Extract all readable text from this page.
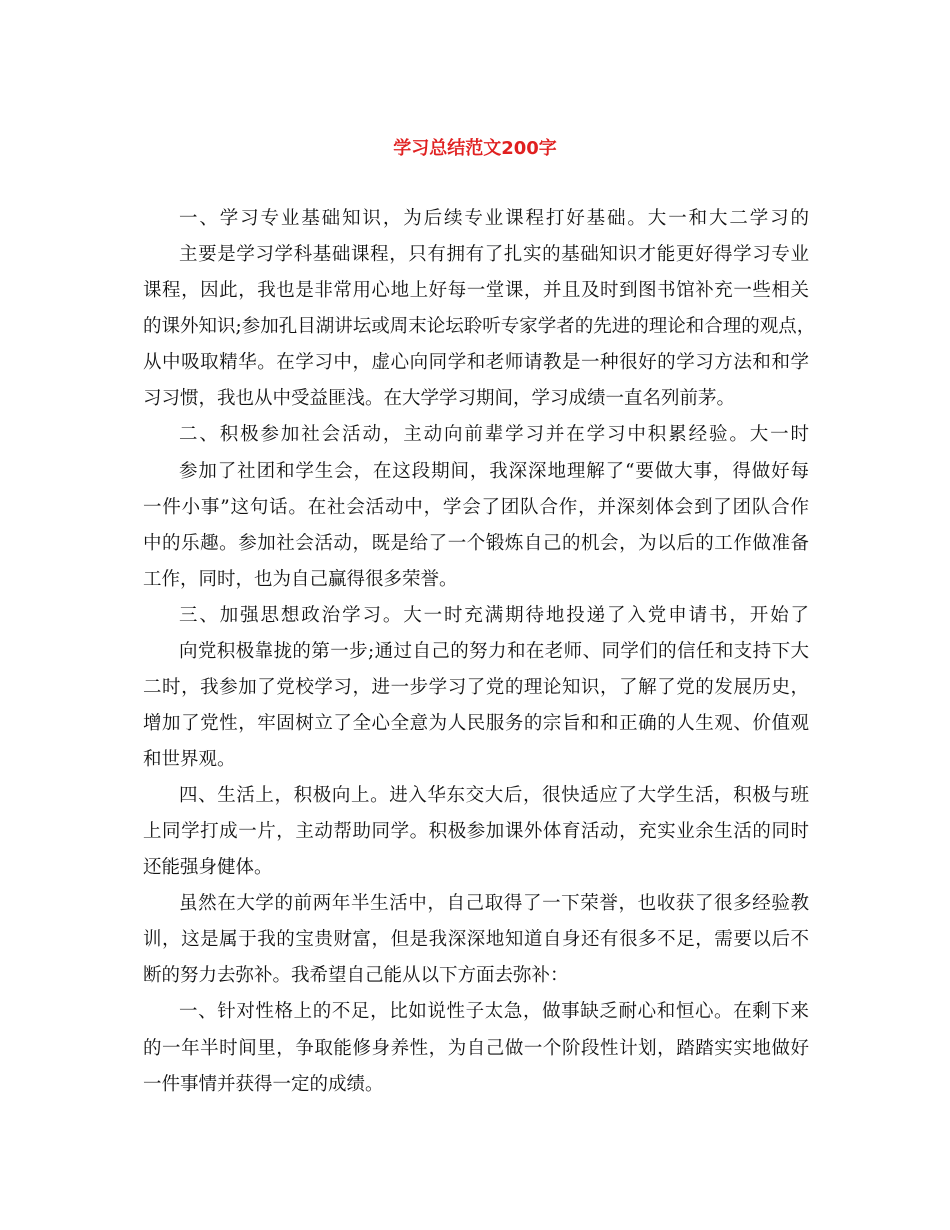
学习总结范文200字
一、学习专业基础知识，为后续专业课程打好基础。大一和大二学习的
主要是学习学科基础课程，只有拥有了扎实的基础知识才能更好得学习专业
课程，因此，我也是非常用心地上好每一堂课，并且及时到图书馆补充一些相关
的课外知识;参加孔目湖讲坛或周末论坛聆听专家学者的先进的理论和合理的观点，
从中吸取精华。在学习中，虚心向同学和老师请教是一种很好的学习方法和和学
习习惯，我也从中受益匪浅。在大学学习期间，学习成绩一直名列前茅。
二、积极参加社会活动，主动向前辈学习并在学习中积累经验。大一时
参加了社团和学生会，在这段期间，我深深地理解了“要做大事，得做好每
一件小事”这句话。在社会活动中，学会了团队合作，并深刻体会到了团队合作
中的乐趣。参加社会活动，既是给了一个锻炼自己的机会，为以后的工作做准备
工作，同时，也为自己赢得很多荣誉。
三、加强思想政治学习。大一时充满期待地投递了入党申请书，开始了
向党积极靠拢的第一步;通过自己的努力和在老师、同学们的信任和支持下大
二时，我参加了党校学习，进一步学习了党的理论知识，了解了党的发展历史，
增加了党性，牢固树立了全心全意为人民服务的宗旨和和正确的人生观、价值观
和世界观。
四、生活上，积极向上。进入华东交大后，很快适应了大学生活，积极与班
上同学打成一片，主动帮助同学。积极参加课外体育活动，充实业余生活的同时
还能强身健体。
虽然在大学的前两年半生活中，自己取得了一下荣誉，也收获了很多经验教
训，这是属于我的宝贵财富，但是我深深地知道自身还有很多不足，需要以后不
断的努力去弥补。我希望自己能从以下方面去弥补：
一、针对性格上的不足，比如说性子太急，做事缺乏耐心和恒心。在剩下来
的一年半时间里，争取能修身养性，为自己做一个阶段性计划，踏踏实实地做好
一件事情并获得一定的成绩。
